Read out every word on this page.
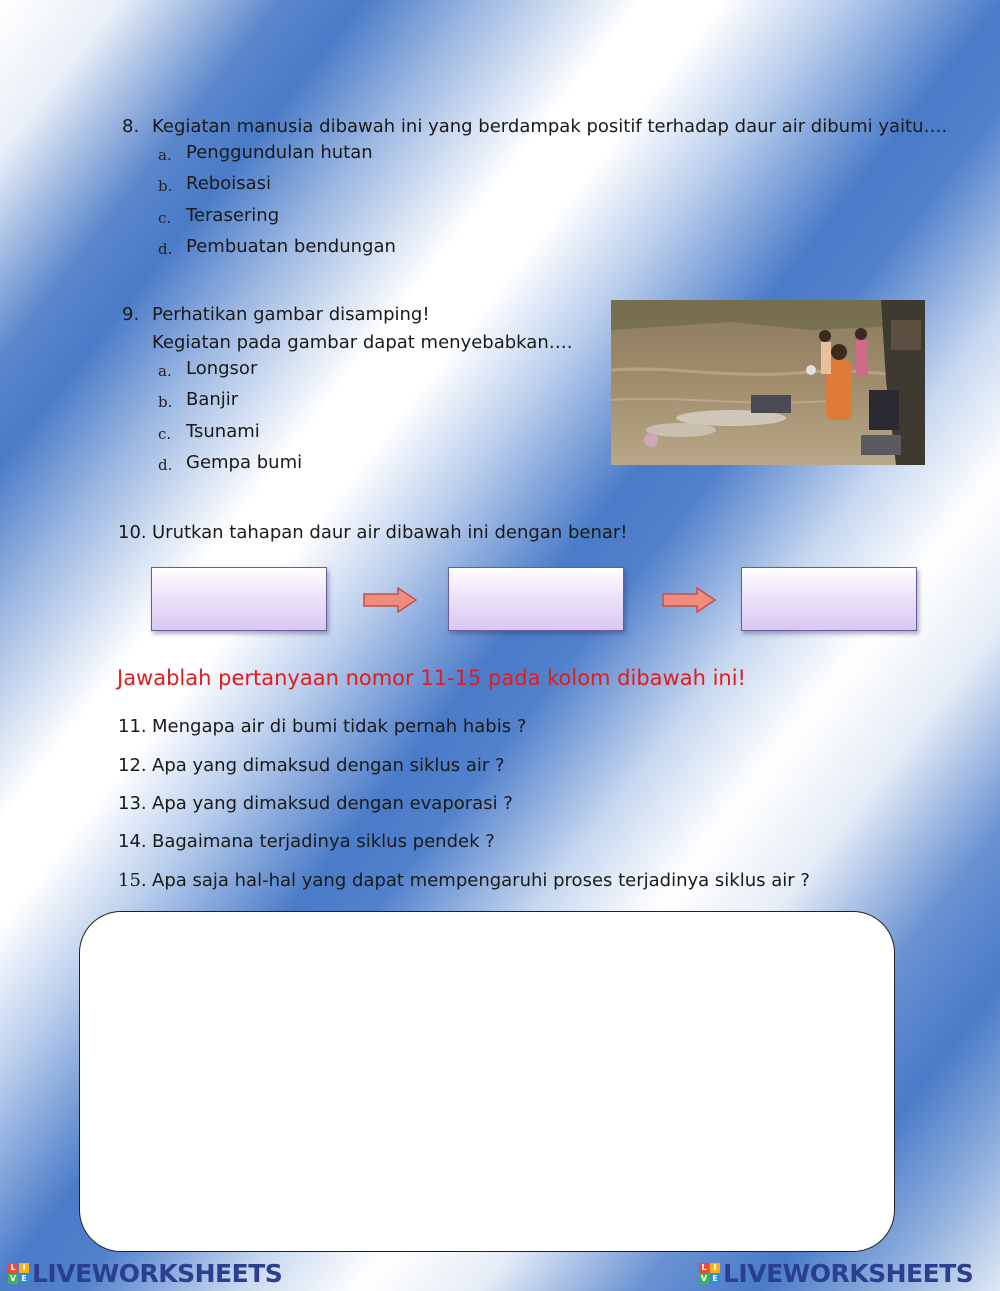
8. Kegiatan manusia dibawah ini yang berdampak positif terhadap daur air dibumi yaitu….
a. Penggundulan hutan
b. Reboisasi
c. Terasering
d. Pembuatan bendungan
9. Perhatikan gambar disamping!
Kegiatan pada gambar dapat menyebabkan….
a. Longsor
b. Banjir
c. Tsunami
d. Gempa bumi
10. Urutkan tahapan daur air dibawah ini dengan benar!
Jawablah pertanyaan nomor 11-15 pada kolom dibawah ini!
11. Mengapa air di bumi tidak pernah habis ?
12. Apa yang dimaksud dengan siklus air ?
13. Apa yang dimaksud dengan evaporasi ?
14. Bagaimana terjadinya siklus pendek ?
15. Apa saja hal-hal yang dapat mempengaruhi proses terjadinya siklus air ?
L I
V E LIVEWORKSHEETS	L I
V E LIVEWORKSHEETS
